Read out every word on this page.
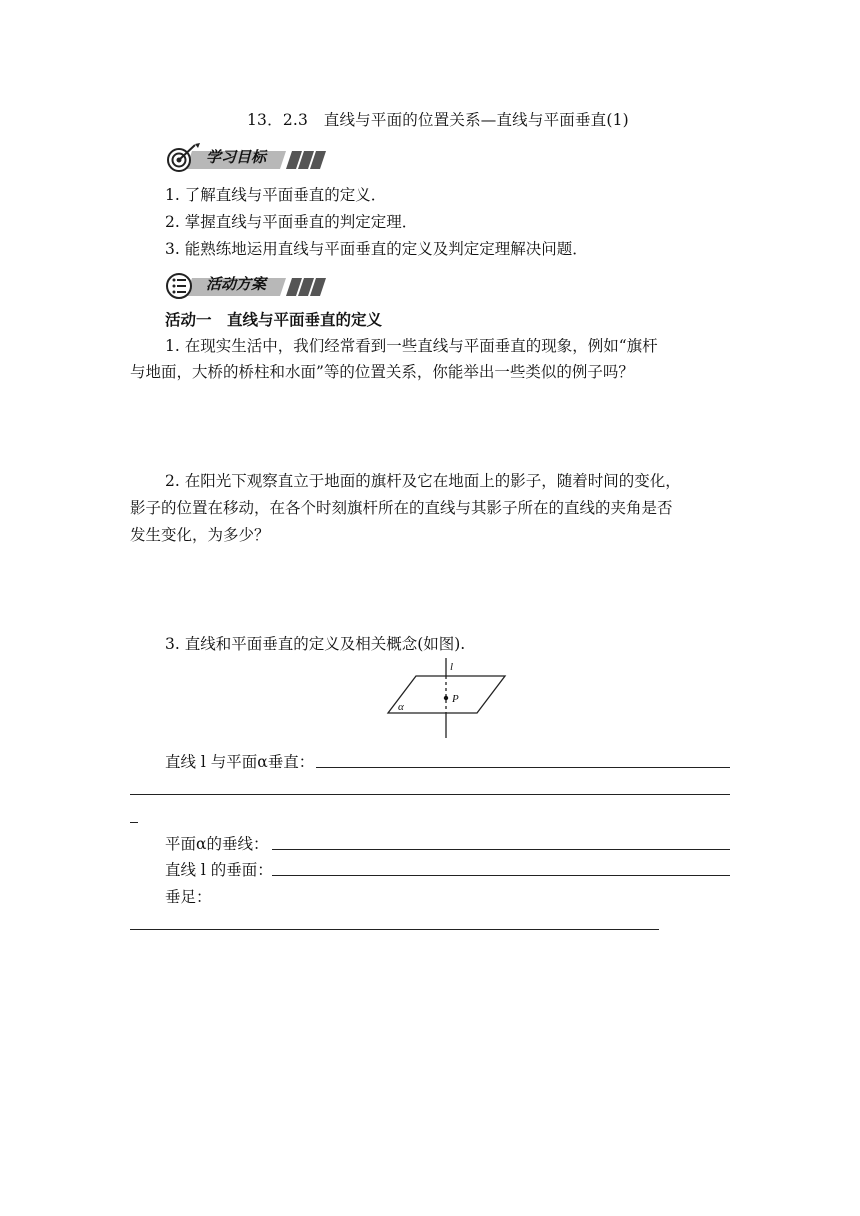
13．2.3　直线与平面的位置关系—直线与平面垂直(1)
学习目标
1. 了解直线与平面垂直的定义．
2. 掌握直线与平面垂直的判定定理．
3. 能熟练地运用直线与平面垂直的定义及判定定理解决问题．
活动方案
活动一　直线与平面垂直的定义
1. 在现实生活中，我们经常看到一些直线与平面垂直的现象，例如“旗杆
与地面，大桥的桥柱和水面”等的位置关系，你能举出一些类似的例子吗？
2. 在阳光下观察直立于地面的旗杆及它在地面上的影子，随着时间的变化，
影子的位置在移动，在各个时刻旗杆所在的直线与其影子所在的直线的夹角是否
发生变化，为多少？
3. 直线和平面垂直的定义及相关概念(如图).
l
P
α
直线 l 与平面α垂直：
平面α的垂线：
直线 l 的垂面：
垂足：
